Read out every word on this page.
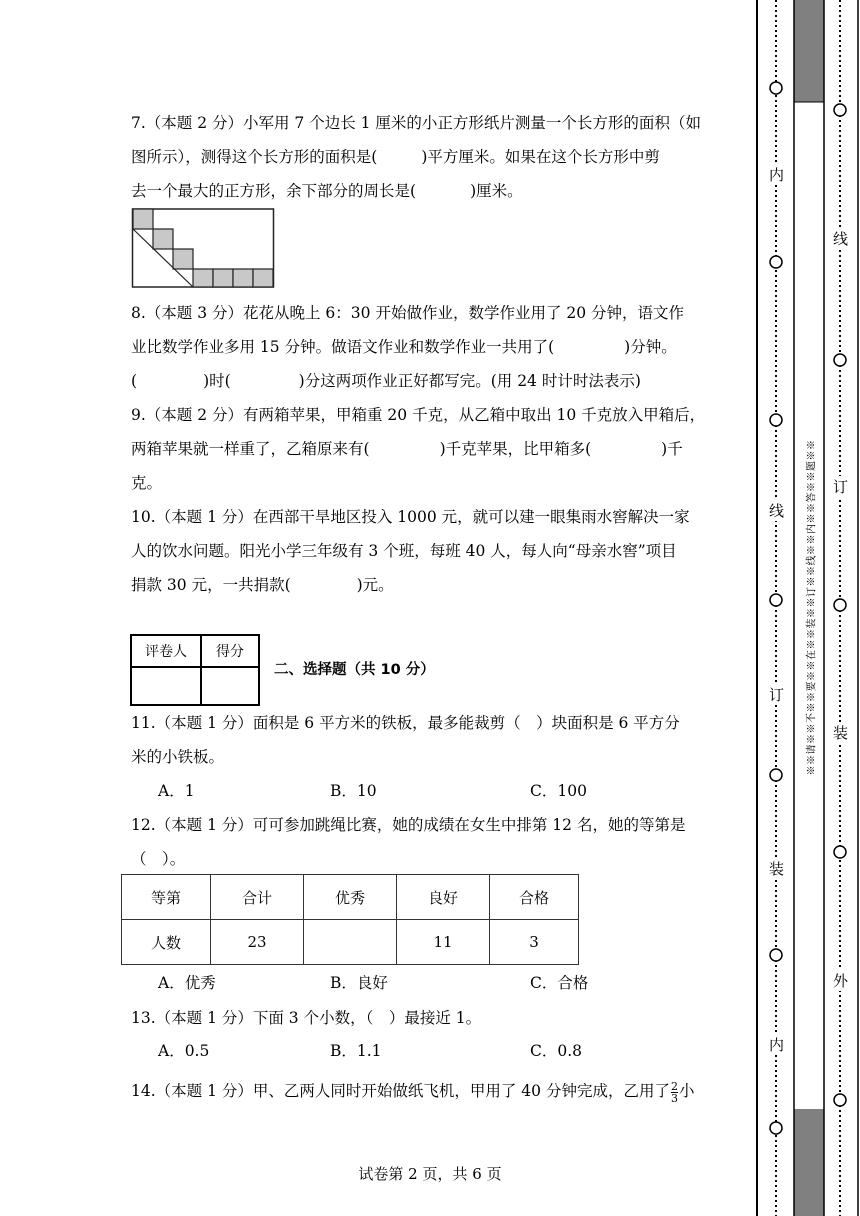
7.（本题 2 分）小军用 7 个边长 1 厘米的小正方形纸片测量一个长方形的面积（如
图所示），测得这个长方形的面积是(	)平方厘米。如果在这个长方形中剪
去一个最大的正方形，余下部分的周长是(	)厘米。
8.（本题 3 分）花花从晚上 6：30 开始做作业，数学作业用了 20 分钟，语文作
业比数学作业多用 15 分钟。做语文作业和数学作业一共用了(	)分钟。
(	)时(	)分这两项作业正好都写完。(用 24 时计时法表示)
9.（本题 2 分）有两箱苹果，甲箱重 20 千克，从乙箱中取出 10 千克放入甲箱后，
两箱苹果就一样重了，乙箱原来有(	)千克苹果，比甲箱多(	)千
克。
10.（本题 1 分）在西部干旱地区投入 1000 元，就可以建一眼集雨水窖解决一家
人的饮水问题。阳光小学三年级有 3 个班，每班 40 人，每人向“母亲水窖”项目
捐款 30 元，一共捐款(	)元。
评卷人	得分

二、选择题（共 10 分）
11.（本题 1 分）面积是 6 平方米的铁板，最多能裁剪（　）块面积是 6 平方分
米的小铁板。
A．1	B．10	C．100
12.（本题 1 分）可可参加跳绳比赛，她的成绩在女生中排第 12 名，她的等第是
（　）。
等第	合计	优秀	良好	合格
人数	23		11	3
A．优秀	B．良好	C．合格
13.（本题 1 分）下面 3 个小数，（　）最接近 1。
A．0.5	B．1.1	C．0.8
14.（本题 1 分）甲、乙两人同时开始做纸飞机，甲用了 40 分钟完成，乙用了 $\frac{2}{3}$ 小
试卷第 2 页，共 6 页
内
线
订
装
内
线
订
装
外
※※请※※不※※要※※在※※装※※订※※线※※内※※答※※题※※
